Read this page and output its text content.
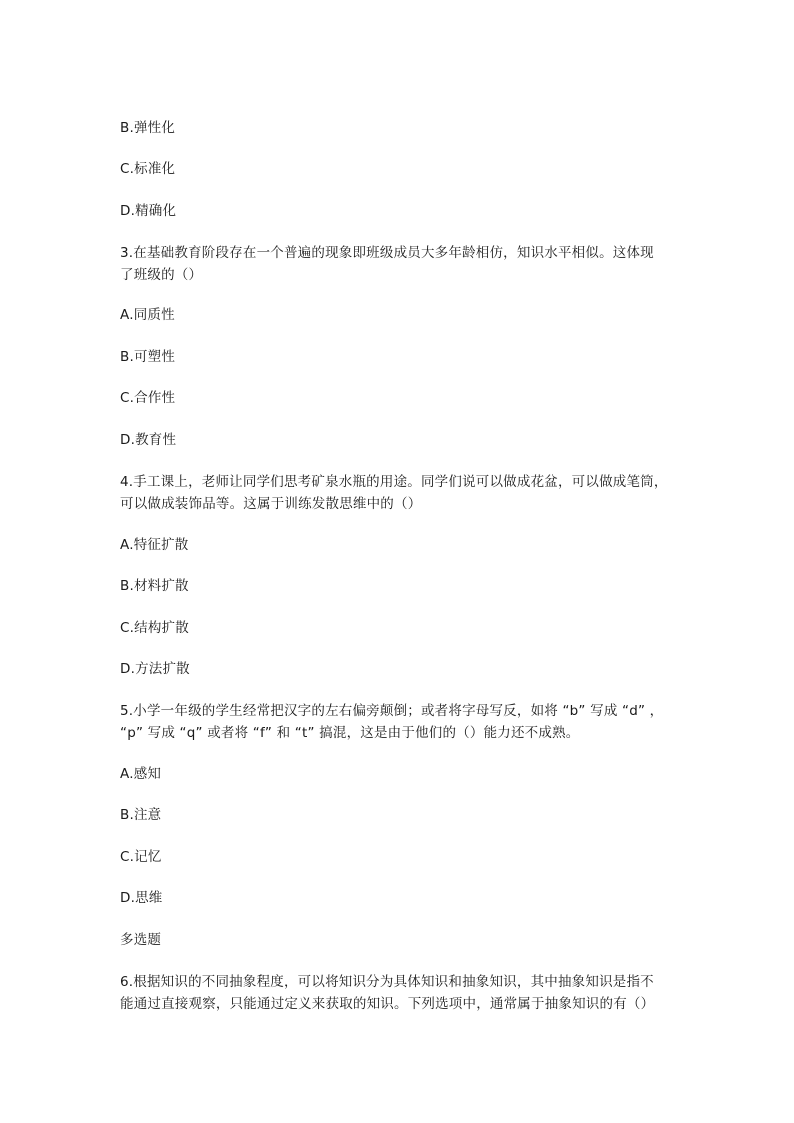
B.弹性化
C.标准化
D.精确化
3.在基础教育阶段存在一个普遍的现象即班级成员大多年龄相仿，知识水平相似。这体现
了班级的（）
A.同质性
B.可塑性
C.合作性
D.教育性
4.手工课上，老师让同学们思考矿泉水瓶的用途。同学们说可以做成花盆，可以做成笔筒，
可以做成装饰品等。这属于训练发散思维中的（）
A.特征扩散
B.材料扩散
C.结构扩散
D.方法扩散
5.小学一年级的学生经常把汉字的左右偏旁颠倒；或者将字母写反，如将 “b” 写成 “d” ，
“p” 写成 “q” 或者将 “f” 和 “t” 搞混，这是由于他们的（）能力还不成熟。
A.感知
B.注意
C.记忆
D.思维
多选题
6.根据知识的不同抽象程度，可以将知识分为具体知识和抽象知识，其中抽象知识是指不
能通过直接观察，只能通过定义来获取的知识。下列选项中，通常属于抽象知识的有（）
